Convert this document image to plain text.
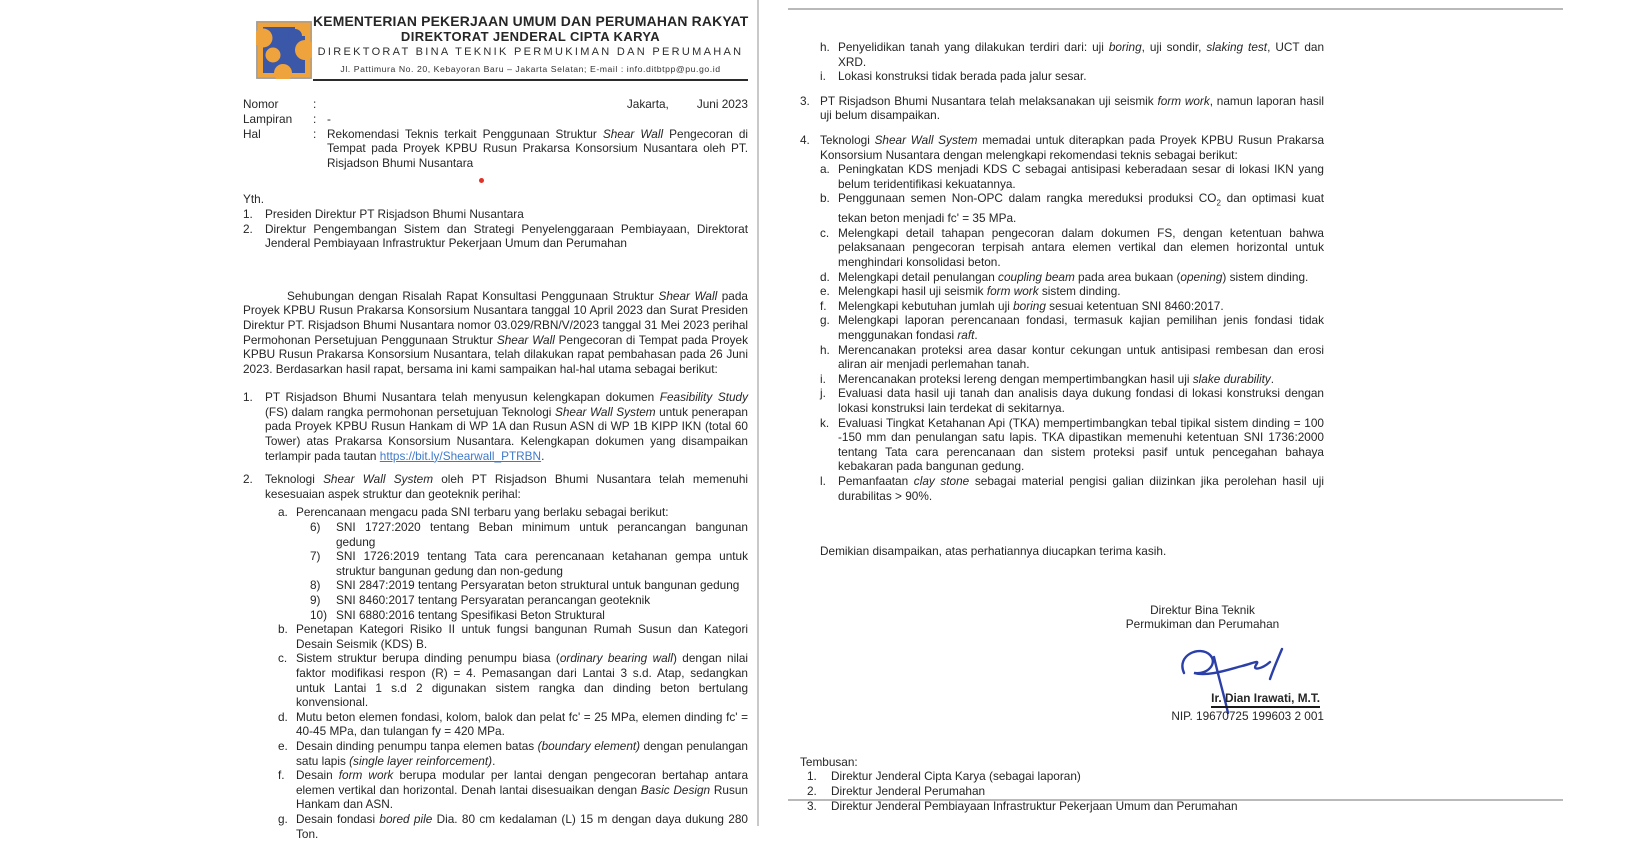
KEMENTERIAN PEKERJAAN UMUM DAN PERUMAHAN RAKYAT
DIREKTORAT JENDERAL CIPTA KARYA
DIREKTORAT BINA TEKNIK PERMUKIMAN DAN PERUMAHAN
Jl. Pattimura No. 20, Kebayoran Baru – Jakarta Selatan; E-mail : info.ditbtpp@pu.go.id
Nomor	:	Jakarta, Juni 2023
Lampiran	: -
Hal	: Rekomendasi Teknis terkait Penggunaan Struktur Shear Wall Pengecoran di Tempat pada Proyek KPBU Rusun Prakarsa Konsorsium Nusantara oleh PT. Risjadson Bhumi Nusantara
Yth.
1.	Presiden Direktur PT Risjadson Bhumi Nusantara
2.	Direktur Pengembangan Sistem dan Strategi Penyelenggaraan Pembiayaan, Direktorat Jenderal Pembiayaan Infrastruktur Pekerjaan Umum dan Perumahan
Sehubungan dengan Risalah Rapat Konsultasi Penggunaan Struktur Shear Wall pada Proyek KPBU Rusun Prakarsa Konsorsium Nusantara tanggal 10 April 2023 dan Surat Presiden Direktur PT. Risjadson Bhumi Nusantara nomor 03.029/RBN/V/2023 tanggal 31 Mei 2023 perihal Permohonan Persetujuan Penggunaan Struktur Shear Wall Pengecoran di Tempat pada Proyek KPBU Rusun Prakarsa Konsorsium Nusantara, telah dilakukan rapat pembahasan pada 26 Juni 2023. Berdasarkan hasil rapat, bersama ini kami sampaikan hal-hal utama sebagai berikut:
1.	PT Risjadson Bhumi Nusantara telah menyusun kelengkapan dokumen Feasibility Study (FS) dalam rangka permohonan persetujuan Teknologi Shear Wall System untuk penerapan pada Proyek KPBU Rusun Hankam di WP 1A dan Rusun ASN di WP 1B KIPP IKN (total 60 Tower) atas Prakarsa Konsorsium Nusantara. Kelengkapan dokumen yang disampaikan terlampir pada tautan https://bit.ly/Shearwall_PTRBN.
2.	Teknologi Shear Wall System oleh PT Risjadson Bhumi Nusantara telah memenuhi kesesuaian aspek struktur dan geoteknik perihal:
a. Perencanaan mengacu pada SNI terbaru yang berlaku sebagai berikut:
6)	SNI 1727:2020 tentang Beban minimum untuk perancangan bangunan gedung
7)	SNI 1726:2019 tentang Tata cara perencanaan ketahanan gempa untuk struktur bangunan gedung dan non-gedung
8)	SNI 2847:2019 tentang Persyaratan beton struktural untuk bangunan gedung
9)	SNI 8460:2017 tentang Persyaratan perancangan geoteknik
10) SNI 6880:2016 tentang Spesifikasi Beton Struktural
b. Penetapan Kategori Risiko II untuk fungsi bangunan Rumah Susun dan Kategori Desain Seismik (KDS) B.
c. Sistem struktur berupa dinding penumpu biasa (ordinary bearing wall) dengan nilai faktor modifikasi respon (R) = 4. Pemasangan dari Lantai 3 s.d. Atap, sedangkan untuk Lantai 1 s.d 2 digunakan sistem rangka dan dinding beton bertulang konvensional.
d. Mutu beton elemen fondasi, kolom, balok dan pelat fc' = 25 MPa, elemen dinding fc' = 40-45 MPa, dan tulangan fy = 420 MPa.
e. Desain dinding penumpu tanpa elemen batas (boundary element) dengan penulangan satu lapis (single layer reinforcement).
f. Desain form work berupa modular per lantai dengan pengecoran bertahap antara elemen vertikal dan horizontal. Denah lantai disesuaikan dengan Basic Design Rusun Hankam dan ASN.
g. Desain fondasi bored pile Dia. 80 cm kedalaman (L) 15 m dengan daya dukung 280 Ton.
h. Penyelidikan tanah yang dilakukan terdiri dari: uji boring, uji sondir, slaking test, UCT dan XRD.
i.	Lokasi konstruksi tidak berada pada jalur sesar.
3. PT Risjadson Bhumi Nusantara telah melaksanakan uji seismik form work, namun laporan hasil uji belum disampaikan.
4. Teknologi Shear Wall System memadai untuk diterapkan pada Proyek KPBU Rusun Prakarsa Konsorsium Nusantara dengan melengkapi rekomendasi teknis sebagai berikut:
a. Peningkatan KDS menjadi KDS C sebagai antisipasi keberadaan sesar di lokasi IKN yang belum teridentifikasi kekuatannya.
b. Penggunaan semen Non-OPC dalam rangka mereduksi produksi $CO_2$ dan optimasi kuat tekan beton menjadi fc' = 35 MPa.
c. Melengkapi detail tahapan pengecoran dalam dokumen FS, dengan ketentuan bahwa pelaksanaan pengecoran terpisah antara elemen vertikal dan elemen horizontal untuk menghindari konsolidasi beton.
d. Melengkapi detail penulangan coupling beam pada area bukaan (opening) sistem dinding.
e. Melengkapi hasil uji seismik form work sistem dinding.
f. Melengkapi kebutuhan jumlah uji boring sesuai ketentuan SNI 8460:2017.
g. Melengkapi laporan perencanaan fondasi, termasuk kajian pemilihan jenis fondasi tidak menggunakan fondasi raft.
h. Merencanakan proteksi area dasar kontur cekungan untuk antisipasi rembesan dan erosi aliran air menjadi perlemahan tanah.
i.	Merencanakan proteksi lereng dengan mempertimbangkan hasil uji slake durability.
j.	Evaluasi data hasil uji tanah dan analisis daya dukung fondasi di lokasi konstruksi dengan lokasi konstruksi lain terdekat di sekitarnya.
k. Evaluasi Tingkat Ketahanan Api (TKA) mempertimbangkan tebal tipikal sistem dinding = 100 -150 mm dan penulangan satu lapis. TKA dipastikan memenuhi ketentuan SNI 1736:2000 tentang Tata cara perencanaan dan sistem proteksi pasif untuk pencegahan bahaya kebakaran pada bangunan gedung.
l.	Pemanfaatan clay stone sebagai material pengisi galian diizinkan jika perolehan hasil uji durabilitas > 90%.
Demikian disampaikan, atas perhatiannya diucapkan terima kasih.
Direktur Bina Teknik
Permukiman dan Perumahan
Ir. Dian Irawati, M.T.
NIP. 19670725 199603 2 001
Tembusan:
1.	Direktur Jenderal Cipta Karya (sebagai laporan)
2.	Direktur Jenderal Perumahan
3.	Direktur Jenderal Pembiayaan Infrastruktur Pekerjaan Umum dan Perumahan
